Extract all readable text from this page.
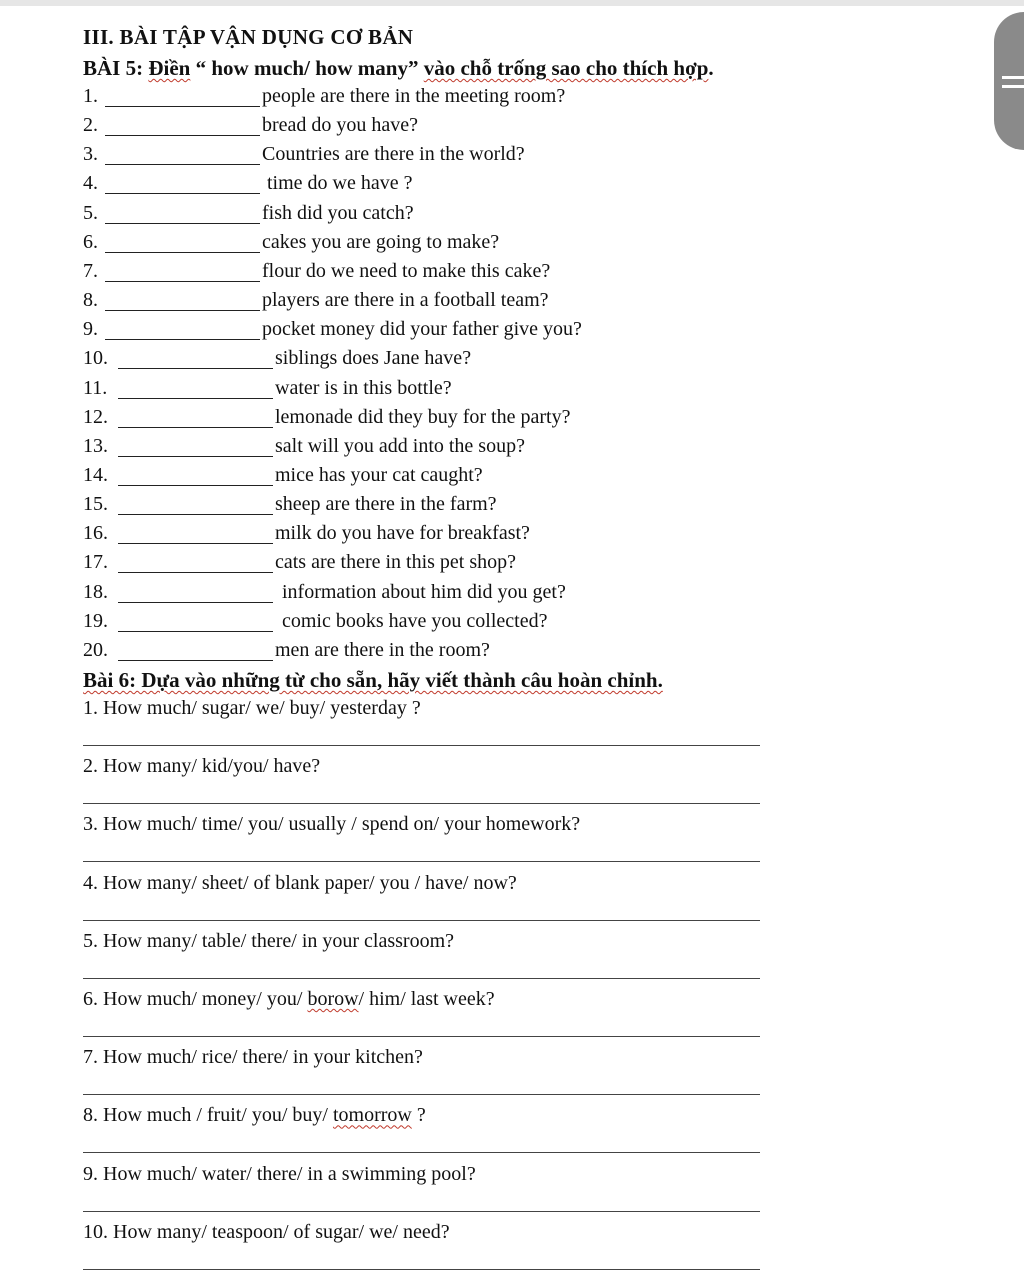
III. BÀI TẬP VẬN DỤNG CƠ BẢN
BÀI 5: Điền “ how much/ how many” vào chỗ trống sao cho thích hợp.
1.	people are there in the meeting room?
2.	bread do you have?
3.	Countries are there in the world?
4.	time do we have ?
5.	fish did you catch?
6.	cakes you are going to make?
7.	flour do we need to make this cake?
8.	players are there in a football team?
9.	pocket money did your father give you?
10.	siblings does Jane have?
11.	water is in this bottle?
12.	lemonade did they buy for the party?
13.	salt will you add into the soup?
14.	mice has your cat caught?
15.	sheep are there in the farm?
16.	milk do you have for breakfast?
17.	cats are there in this pet shop?
18.	information about him did you get?
19.	comic books have you collected?
20.	men are there in the room?
Bài 6: Dựa vào những từ cho sẵn, hãy viết thành câu hoàn chỉnh.
1. How much/ sugar/ we/ buy/ yesterday ?
2. How many/ kid/you/ have?
3. How much/ time/ you/ usually / spend on/ your homework?
4. How many/ sheet/ of blank paper/ you / have/ now?
5. How many/ table/ there/ in your classroom?
6. How much/ money/ you/ borow/ him/ last week?
7. How much/ rice/ there/ in your kitchen?
8. How much / fruit/ you/ buy/ tomorrow ?
9. How much/ water/ there/ in a swimming pool?
10. How many/ teaspoon/ of sugar/ we/ need?
